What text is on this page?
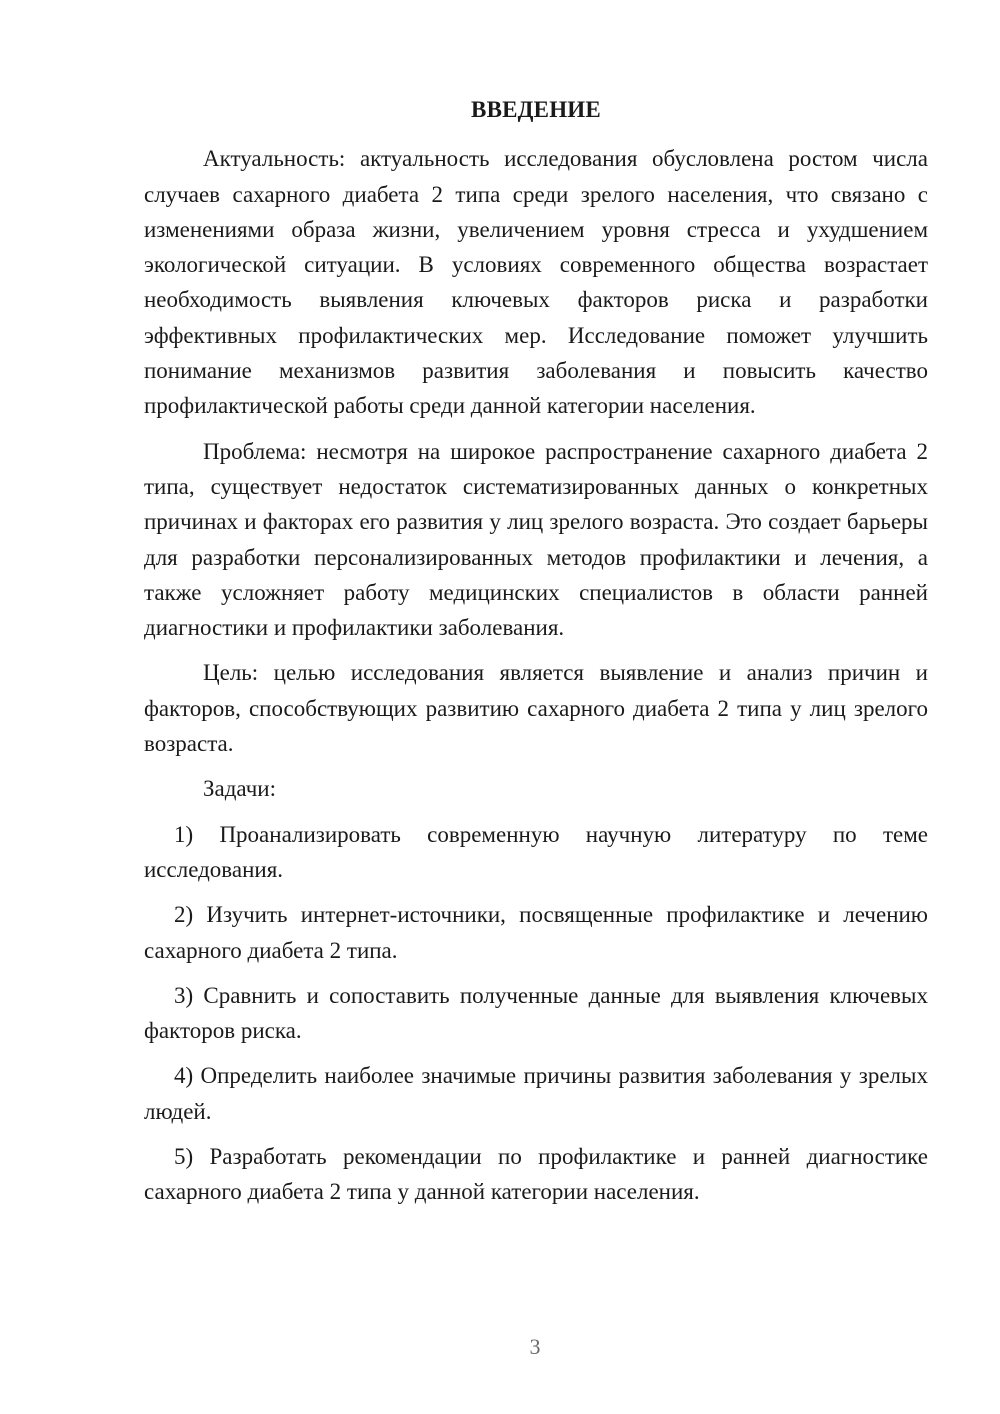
ВВЕДЕНИЕ

Актуальность: актуальность исследования обусловлена ростом числа случаев сахарного диабета 2 типа среди зрелого населения, что связано с изменениями образа жизни, увеличением уровня стресса и ухудшением экологической ситуации. В условиях современного общества возрастает необходимость выявления ключевых факторов риска и разработки эффективных профилактических мер. Исследование поможет улучшить понимание механизмов развития заболевания и повысить качество профилактической работы среди данной категории населения.

Проблема: несмотря на широкое распространение сахарного диабета 2 типа, существует недостаток систематизированных данных о конкретных причинах и факторах его развития у лиц зрелого возраста. Это создает барьеры для разработки персонализированных методов профилактики и лечения, а также усложняет работу медицинских специалистов в области ранней диагностики и профилактики заболевания.

Цель: целью исследования является выявление и анализ причин и факторов, способствующих развитию сахарного диабета 2 типа у лиц зрелого возраста.

Задачи:

1) Проанализировать современную научную литературу по теме исследования.

2) Изучить интернет-источники, посвященные профилактике и лечению сахарного диабета 2 типа.

3) Сравнить и сопоставить полученные данные для выявления ключевых факторов риска.

4) Определить наиболее значимые причины развития заболевания у зрелых людей.

5) Разработать рекомендации по профилактике и ранней диагностике сахарного диабета 2 типа у данной категории населения.

3
